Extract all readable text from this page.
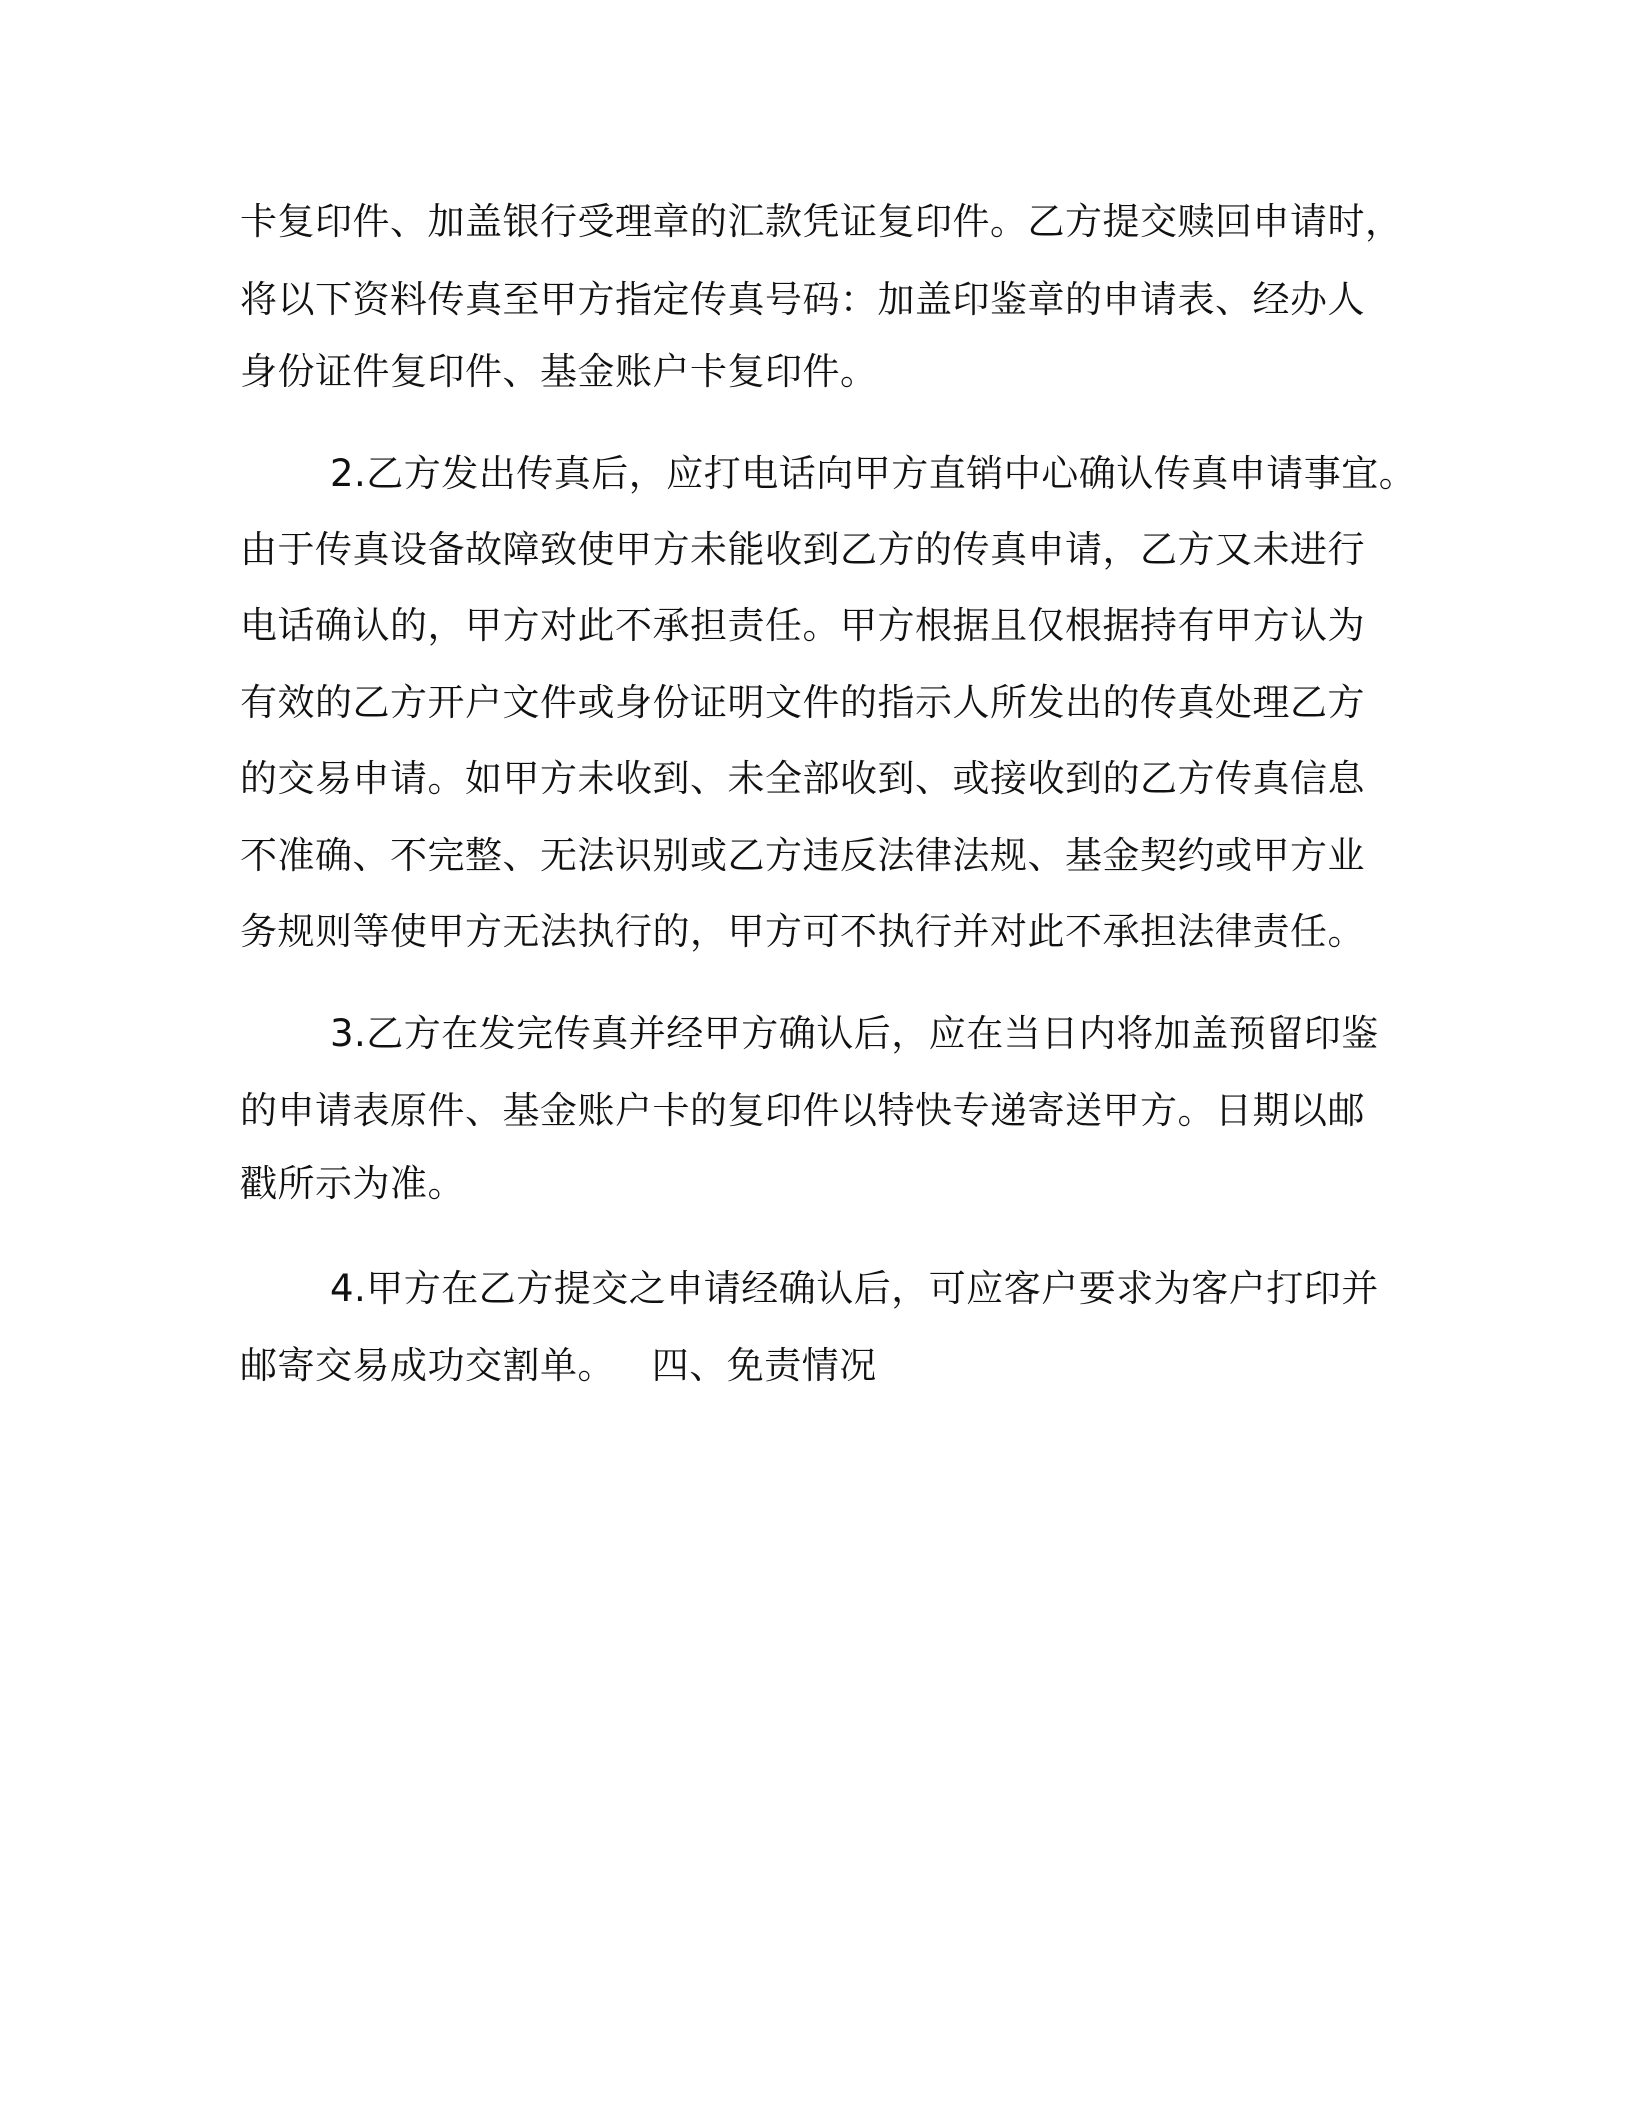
卡复印件、加盖银行受理章的汇款凭证复印件。乙方提交赎回申请时，
将以下资料传真至甲方指定传真号码：加盖印鉴章的申请表、经办人
身份证件复印件、基金账户卡复印件。
2.乙方发出传真后，应打电话向甲方直销中心确认传真申请事宜。
由于传真设备故障致使甲方未能收到乙方的传真申请，乙方又未进行
电话确认的，甲方对此不承担责任。甲方根据且仅根据持有甲方认为
有效的乙方开户文件或身份证明文件的指示人所发出的传真处理乙方
的交易申请。如甲方未收到、未全部收到、或接收到的乙方传真信息
不准确、不完整、无法识别或乙方违反法律法规、基金契约或甲方业
务规则等使甲方无法执行的，甲方可不执行并对此不承担法律责任。
3.乙方在发完传真并经甲方确认后，应在当日内将加盖预留印鉴
的申请表原件、基金账户卡的复印件以特快专递寄送甲方。日期以邮
戳所示为准。
4.甲方在乙方提交之申请经确认后，可应客户要求为客户打印并
邮寄交易成功交割单。   四、免责情况
